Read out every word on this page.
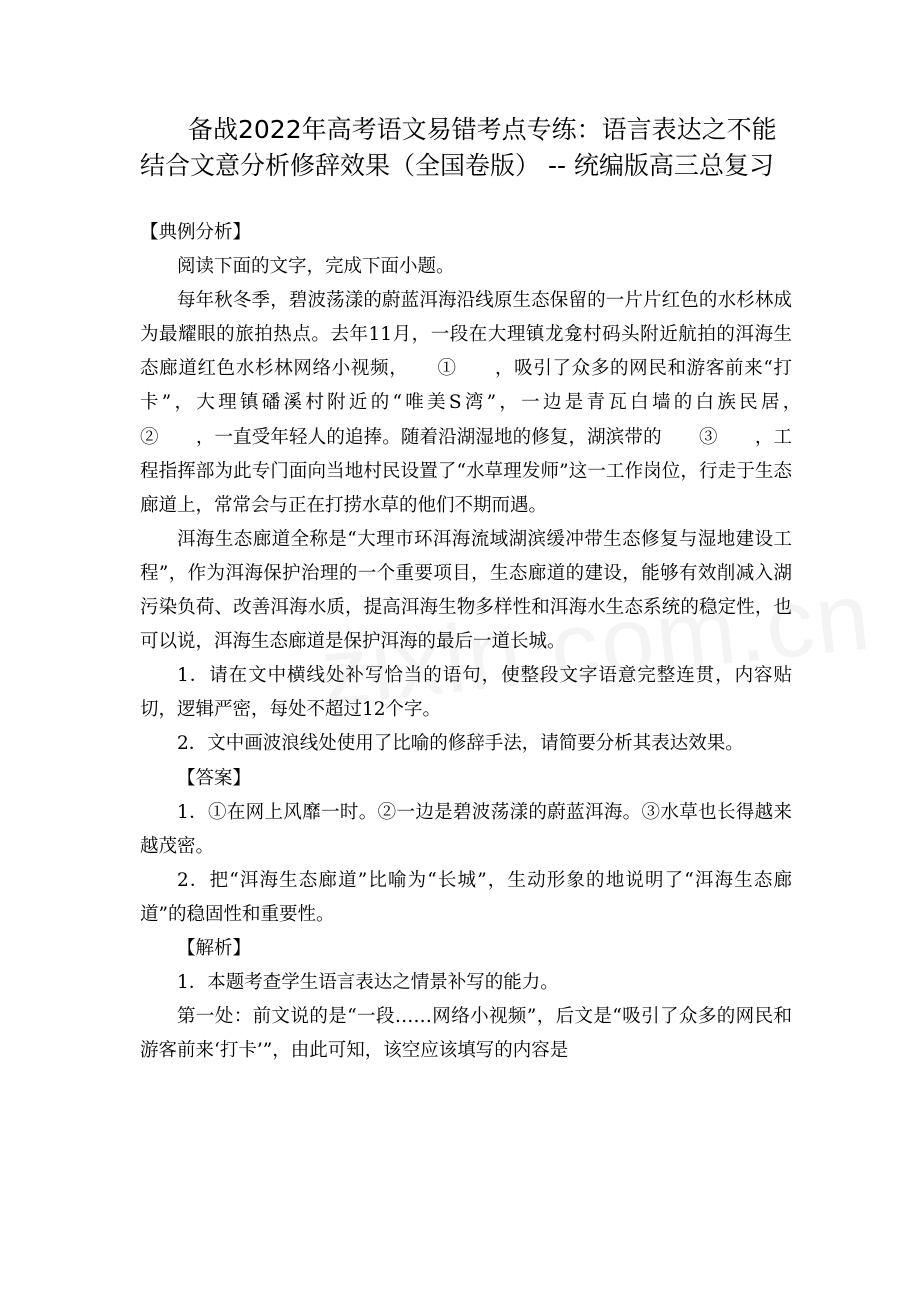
备战2022年高考语文易错考点专练：语言表达之不能
结合文意分析修辞效果（全国卷版） -- 统编版高三总复习

【典例分析】

阅读下面的文字，完成下面小题。

每年秋冬季，碧波荡漾的蔚蓝洱海沿线原生态保留的一片片红色的水杉林成为最耀眼的旅拍热点。去年11月，一段在大理镇龙龛村码头附近航拍的洱海生态廊道红色水杉林网络小视频，　　①　　，吸引了众多的网民和游客前来“打卡”，大理镇磻溪村附近的“唯美S湾”，一边是青瓦白墙的白族民居，　　②　　，一直受年轻人的追捧。随着沿湖湿地的修复，湖滨带的　　③　　，工程指挥部为此专门面向当地村民设置了“水草理发师”这一工作岗位，行走于生态廊道上，常常会与正在打捞水草的他们不期而遇。

洱海生态廊道全称是“大理市环洱海流域湖滨缓冲带生态修复与湿地建设工程”，作为洱海保护治理的一个重要项目，生态廊道的建设，能够有效削减入湖污染负荷、改善洱海水质，提高洱海生物多样性和洱海水生态系统的稳定性，也可以说，洱海生态廊道是保护洱海的最后一道长城。

1．请在文中横线处补写恰当的语句，使整段文字语意完整连贯，内容贴切，逻辑严密，每处不超过12个字。

2．文中画波浪线处使用了比喻的修辞手法，请简要分析其表达效果。

【答案】

1．①在网上风靡一时。②一边是碧波荡漾的蔚蓝洱海。③水草也长得越来越茂密。

2．把“洱海生态廊道”比喻为“长城”，生动形象的地说明了“洱海生态廊道”的稳固性和重要性。

【解析】

1．本题考查学生语言表达之情景补写的能力。

第一处：前文说的是“一段……网络小视频”，后文是“吸引了众多的网民和游客前来‘打卡’”，由此可知，该空应该填写的内容是
